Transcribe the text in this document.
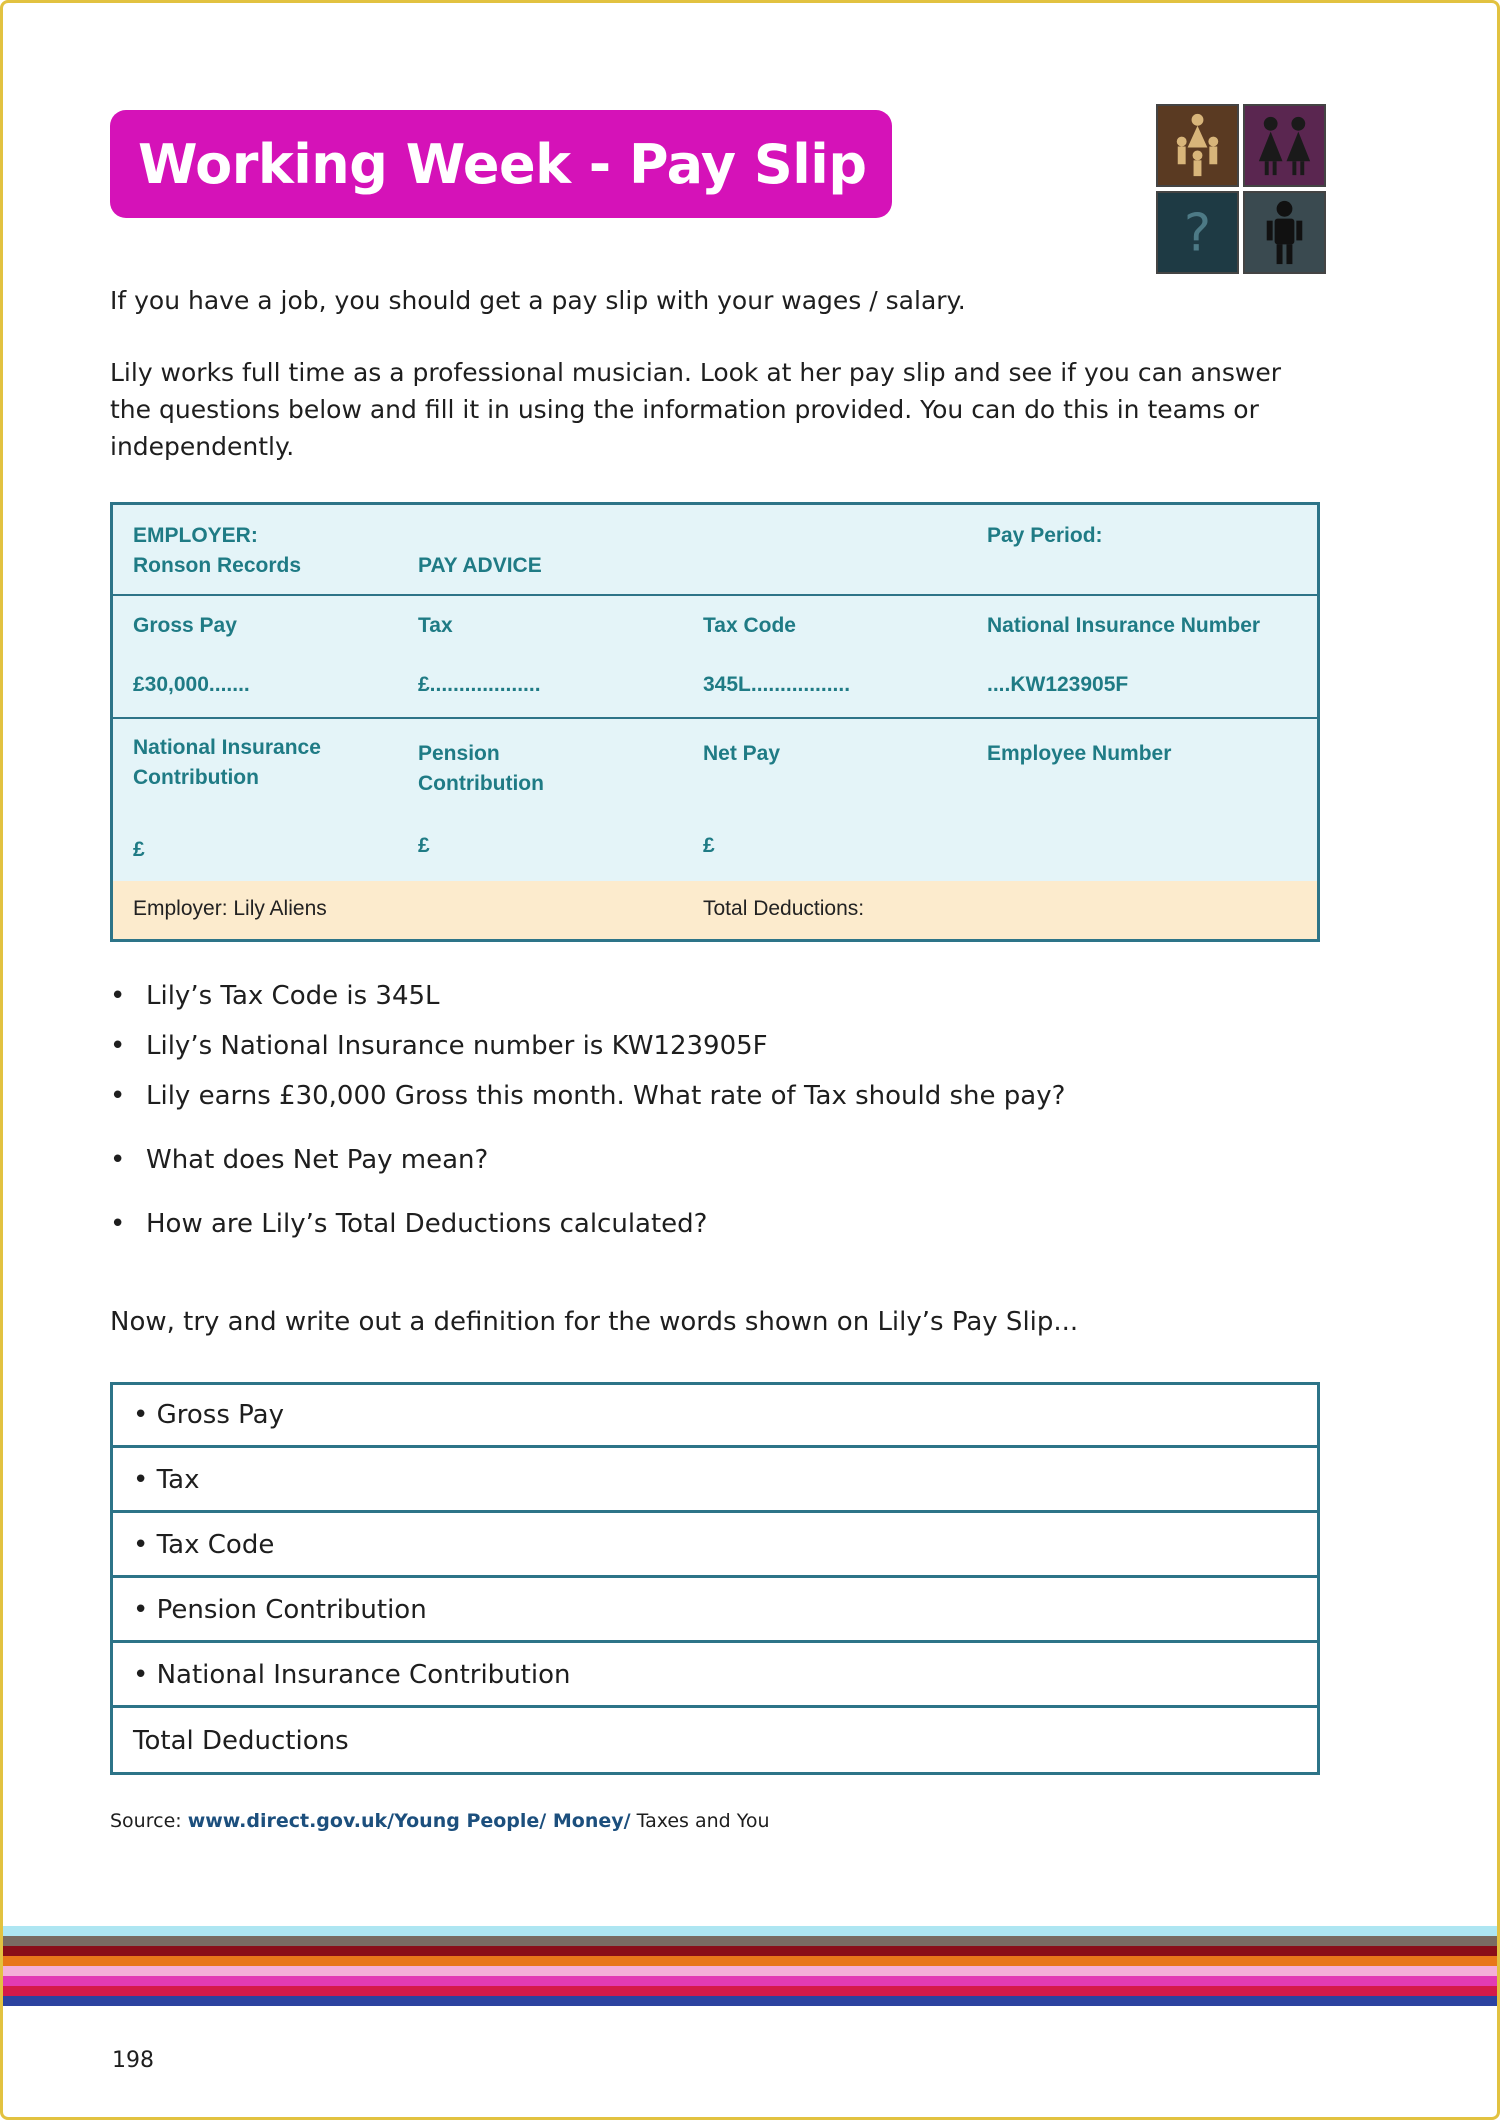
Working Week - Pay Slip
?
If you have a job, you should get a pay slip with your wages / salary.
Lily works full time as a professional musician. Look at her pay slip and see if you can answer
the questions below and fill it in using the information provided. You can do this in teams or
independently.
EMPLOYER:
Ronson Records	PAY ADVICE
Pay Period:
Gross Pay
£30,000.......
Tax
£...................
Tax Code
345L.................
National Insurance Number
....KW123905F
National Insurance
Contribution
£
Pension
Contribution
£
Net Pay
£
Employee Number
Employer: Lily Aliens	Total Deductions:
• Lily’s Tax Code is 345L
• Lily’s National Insurance number is KW123905F
• Lily earns £30,000 Gross this month. What rate of Tax should she pay?
• What does Net Pay mean?
• How are Lily’s Total Deductions calculated?
Now, try and write out a definition for the words shown on Lily’s Pay Slip...
• Gross Pay
• Tax
• Tax Code
• Pension Contribution
• National Insurance Contribution
Total Deductions
Source: www.direct.gov.uk/Young People/ Money/ Taxes and You
198
